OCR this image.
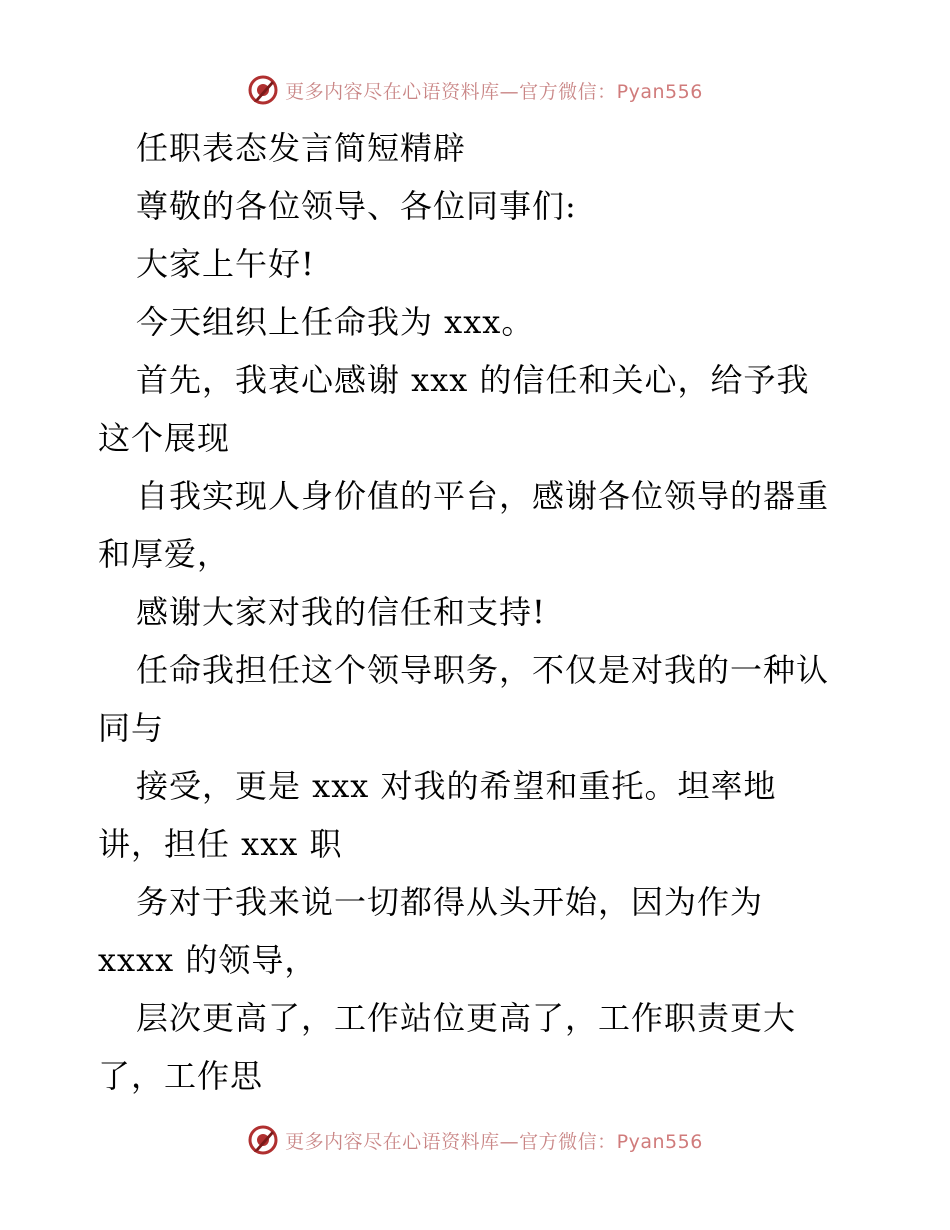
更多内容尽在心语资料库—官方微信：Pyan556
任职表态发言简短精辟
尊敬的各位领导、各位同事们:
大家上午好!
今天组织上任命我为 xxx。
首先，我衷心感谢 xxx 的信任和关心，给予我
这个展现
自我实现人身价值的平台，感谢各位领导的器重
和厚爱，
感谢大家对我的信任和支持!
任命我担任这个领导职务，不仅是对我的一种认
同与
接受，更是 xxx 对我的希望和重托。坦率地
讲，担任 xxx 职
务对于我来说一切都得从头开始，因为作为
xxxx 的领导，
层次更高了，工作站位更高了，工作职责更大
了，工作思
更多内容尽在心语资料库—官方微信：Pyan556
